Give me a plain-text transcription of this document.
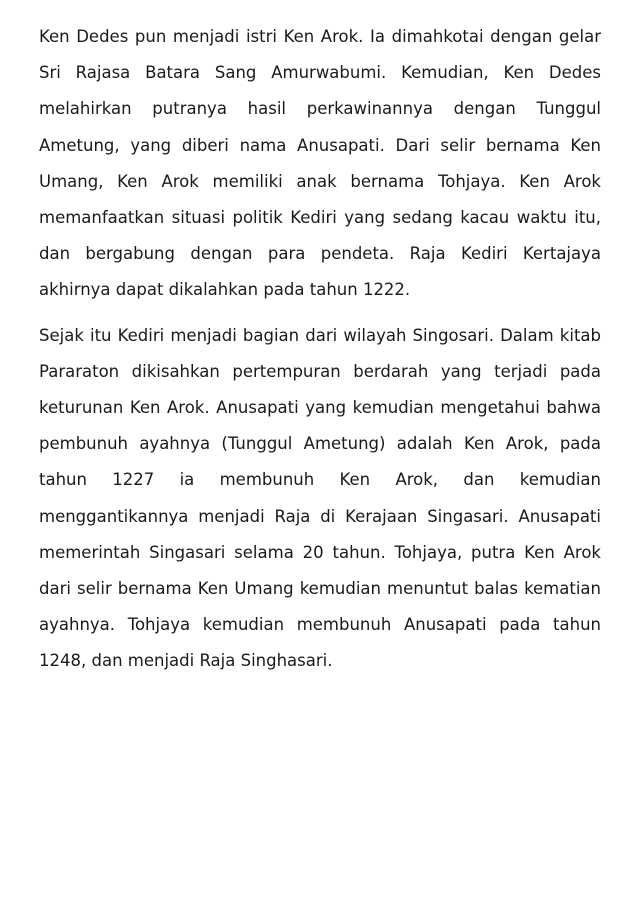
Ken Dedes pun menjadi istri Ken Arok. Ia dimahkotai dengan gelar Sri Rajasa Batara Sang Amurwabumi. Kemudian, Ken Dedes melahirkan putranya hasil perkawinannya dengan Tunggul Ametung, yang diberi nama Anusapati. Dari selir bernama Ken Umang, Ken Arok memiliki anak bernama Tohjaya. Ken Arok memanfaatkan situasi politik Kediri yang sedang kacau waktu itu, dan bergabung dengan para pendeta. Raja Kediri Kertajaya akhirnya dapat dikalahkan pada tahun 1222.

Sejak itu Kediri menjadi bagian dari wilayah Singosari. Dalam kitab Pararaton dikisahkan pertempuran berdarah yang terjadi pada keturunan Ken Arok. Anusapati yang kemudian mengetahui bahwa pembunuh ayahnya (Tunggul Ametung) adalah Ken Arok, pada tahun 1227 ia membunuh Ken Arok, dan kemudian menggantikannya menjadi Raja di Kerajaan Singasari. Anusapati memerintah Singasari selama 20 tahun. Tohjaya, putra Ken Arok dari selir bernama Ken Umang kemudian menuntut balas kematian ayahnya. Tohjaya kemudian membunuh Anusapati pada tahun 1248, dan menjadi Raja Singhasari.
